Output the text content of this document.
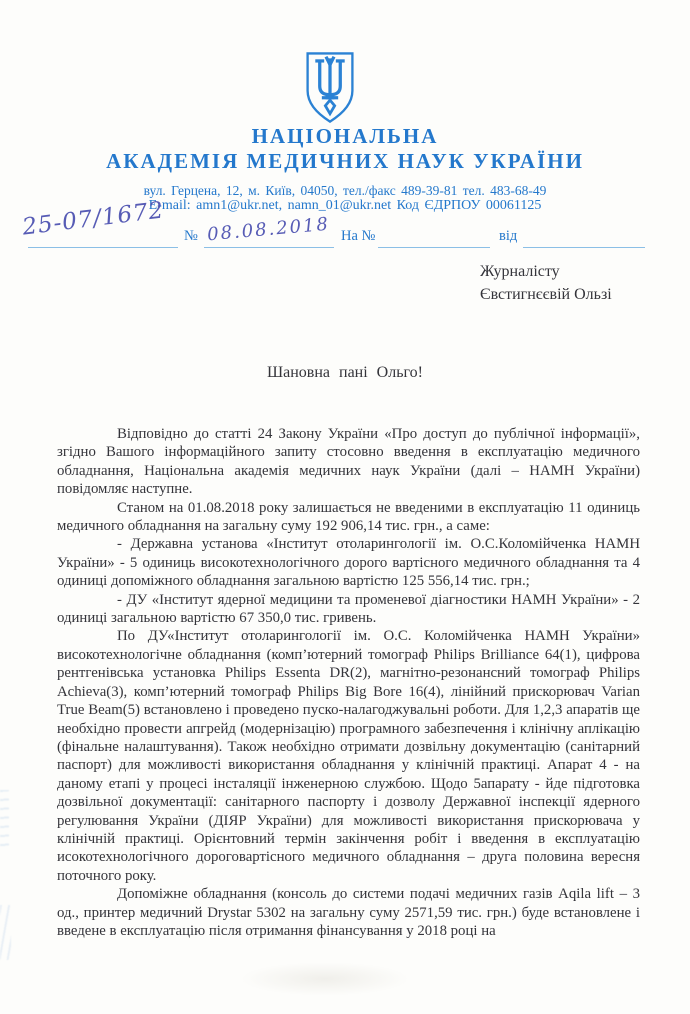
НАЦІОНАЛЬНА
АКАДЕМІЯ МЕДИЧНИХ НАУК УКРАЇНИ
вул. Герцена, 12, м. Київ, 04050, тел./факс 489-39-81 тел. 483-68-49
E-mail: amn1@ukr.net, namn_01@ukr.net Код ЄДРПОУ 00061125
25-07/1672 № 08.08.2018 На №	від
Журналісту
Євстигнєєвій Ользі
Шановна пані Ольго!

Відповідно до статті 24 Закону України «Про доступ до публічної інформації», згідно Вашого інформаційного запиту стосовно введення в експлуатацію медичного обладнання, Національна академія медичних наук України (далі – НАМН України) повідомляє наступне.

Станом на 01.08.2018 року залишається не введеними в експлуатацію 11 одиниць медичного обладнання на загальну суму 192 906,14 тис. грн., а саме:

- Державна установа «Інститут отоларингології ім. О.С.Коломійченка НАМН України» - 5 одиниць високотехнологічного дорого вартісного медичного обладнання та 4 одиниці допоміжного обладнання загальною вартістю 125 556,14 тис. грн.;

- ДУ «Інститут ядерної медицини та променевої діагностики НАМН України» - 2 одиниці загальною вартістю 67 350,0 тис. гривень.

По ДУ«Інститут отоларингології ім. О.С. Коломійченка НАМН України» високотехнологічне обладнання (комп’ютерний томограф Philips Brilliance 64(1), цифрова рентгенівська установка Philips Essenta DR(2), магнітно-резонансний томограф Philips Achieva(3), комп’ютерний томограф Philips Big Bore 16(4), лінійний прискорювач Varian True Beam(5) встановлено і проведено пуско-налагоджувальні роботи. Для 1,2,3 апаратів ще необхідно провести апгрейд (модернізацію) програмного забезпечення і клінічну аплікацію (фінальне налаштування). Також необхідно отримати дозвільну документацію (санітарний паспорт) для можливості використання обладнання у клінічній практиці. Апарат 4 - на даному етапі у процесі інсталяції інженерною службою. Щодо 5апарату - йде підготовка дозвільної документації: санітарного паспорту і дозволу Державної інспекції ядерного регулювання України (ДІЯР України) для можливості використання прискорювача у клінічній практиці. Орієнтовний термін закінчення робіт і введення в експлуатацію исокотехнологічного дороговартісного медичного обладнання – друга половина вересня поточного року.

Допоміжне обладнання (консоль до системи подачі медичних газів Aqila lift – 3 од., принтер медичний Drystar 5302 на загальну суму 2571,59 тис. грн.) буде встановлене і введене в експлуатацію після отримання фінансування у 2018 році на
